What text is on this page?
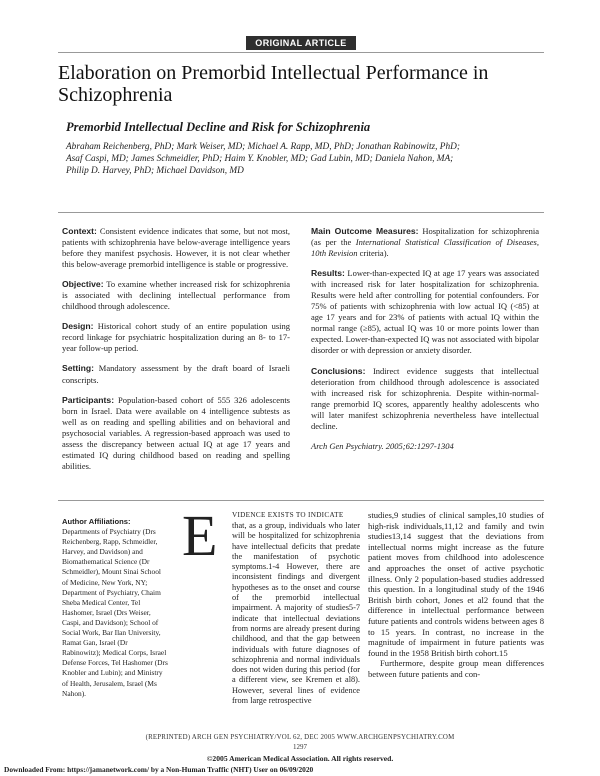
ORIGINAL ARTICLE
Elaboration on Premorbid Intellectual Performance in Schizophrenia
Premorbid Intellectual Decline and Risk for Schizophrenia
Abraham Reichenberg, PhD; Mark Weiser, MD; Michael A. Rapp, MD, PhD; Jonathan Rabinowitz, PhD;
Asaf Caspi, MD; James Schmeidler, PhD; Haim Y. Knobler, MD; Gad Lubin, MD; Daniela Nahon, MA;
Philip D. Harvey, PhD; Michael Davidson, MD

Context: Consistent evidence indicates that some, but not most, patients with schizophrenia have below-average intelligence years before they manifest psychosis. However, it is not clear whether this below-average premorbid intelligence is stable or progressive.

Objective: To examine whether increased risk for schizophrenia is associated with declining intellectual performance from childhood through adolescence.

Design: Historical cohort study of an entire population using record linkage for psychiatric hospitalization during an 8- to 17-year follow-up period.

Setting: Mandatory assessment by the draft board of Israeli conscripts.

Participants: Population-based cohort of 555 326 adolescents born in Israel. Data were available on 4 intelligence subtests as well as on reading and spelling abilities and on behavioral and psychosocial variables. A regression-based approach was used to assess the discrepancy between actual IQ at age 17 years and estimated IQ during childhood based on reading and spelling abilities.

Main Outcome Measures: Hospitalization for schizophrenia (as per the International Statistical Classification of Diseases, 10th Revision criteria).

Results: Lower-than-expected IQ at age 17 years was associated with increased risk for later hospitalization for schizophrenia. Results were held after controlling for potential confounders. For 75% of patients with schizophrenia with low actual IQ (<85) at age 17 years and for 23% of patients with actual IQ within the normal range (≥85), actual IQ was 10 or more points lower than expected. Lower-than-expected IQ was not associated with bipolar disorder or with depression or anxiety disorder.

Conclusions: Indirect evidence suggests that intellectual deterioration from childhood through adolescence is associated with increased risk for schizophrenia. Despite within-normal-range premorbid IQ scores, apparently healthy adolescents who will later manifest schizophrenia nevertheless have intellectual decline.

Arch Gen Psychiatry. 2005;62:1297-1304

Author Affiliations:
Departments of Psychiatry (Drs Reichenberg, Rapp, Schmeidler, Harvey, and Davidson) and Biomathematical Science (Dr Schmeidler), Mount Sinai School of Medicine, New York, NY; Department of Psychiatry, Chaim Sheba Medical Center, Tel Hashomer, Israel (Drs Weiser, Caspi, and Davidson); School of Social Work, Bar Ilan University, Ramat Gan, Israel (Dr Rabinowitz); Medical Corps, Israel Defense Forces, Tel Hashomer (Drs Knobler and Lubin); and Ministry of Health, Jerusalem, Israel (Ms Nahon).
E VIDENCE EXISTS TO INDICATE

that, as a group, individuals who later will be hospitalized for schizophrenia have intellectual deficits that predate the manifestation of psychotic symptoms.1-4 However, there are inconsistent findings and divergent hypotheses as to the onset and course of the premorbid intellectual impairment. A majority of studies5-7 indicate that intellectual deviations from norms are already present during childhood, and that the gap between individuals with future diagnoses of schizophrenia and normal individuals does not widen during this period (for a different view, see Kremen et al8). However, several lines of evidence from large retrospective

studies,9 studies of clinical samples,10 studies of high-risk individuals,11,12 and family and twin studies13,14 suggest that the deviations from intellectual norms might increase as the future patient moves from childhood into adolescence and approaches the onset of active psychotic illness. Only 2 population-based studies addressed this question. In a longitudinal study of the 1946 British birth cohort, Jones et al2 found that the difference in intellectual performance between future patients and controls widens between ages 8 to 15 years. In contrast, no increase in the magnitude of impairment in future patients was found in the 1958 British birth cohort.15

Furthermore, despite group mean differences between future patients and con-

(REPRINTED) ARCH GEN PSYCHIATRY/VOL 62, DEC 2005 WWW.ARCHGENPSYCHIATRY.COM
1297
©2005 American Medical Association. All rights reserved.
Downloaded From: https://jamanetwork.com/ by a Non-Human Traffic (NHT) User on 06/09/2020
